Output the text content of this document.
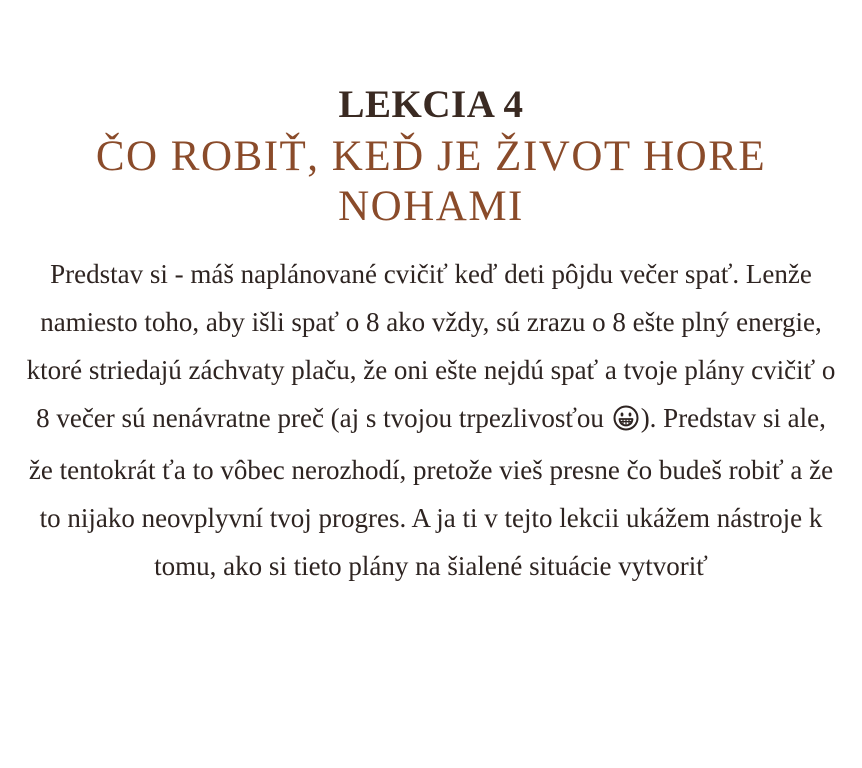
LEKCIA 4
ČO ROBIŤ, KEĎ JE ŽIVOT HORE NOHAMI

Predstav si - máš naplánované cvičiť keď deti pôjdu večer spať. Lenže namiesto toho, aby išli spať o 8 ako vždy, sú zrazu o 8 ešte plný energie, ktoré striedajú záchvaty plaču, že oni ešte nejdú spať a tvoje plány cvičiť o 8 večer sú nenávratne preč (aj s tvojou trpezlivosťou ). Predstav si ale, že tentokrát ťa to vôbec nerozhodí, pretože vieš presne čo budeš robiť a že to nijako neovplyvní tvoj progres. A ja ti v tejto lekcii ukážem nástroje k tomu, ako si tieto plány na šialené situácie vytvoriť
